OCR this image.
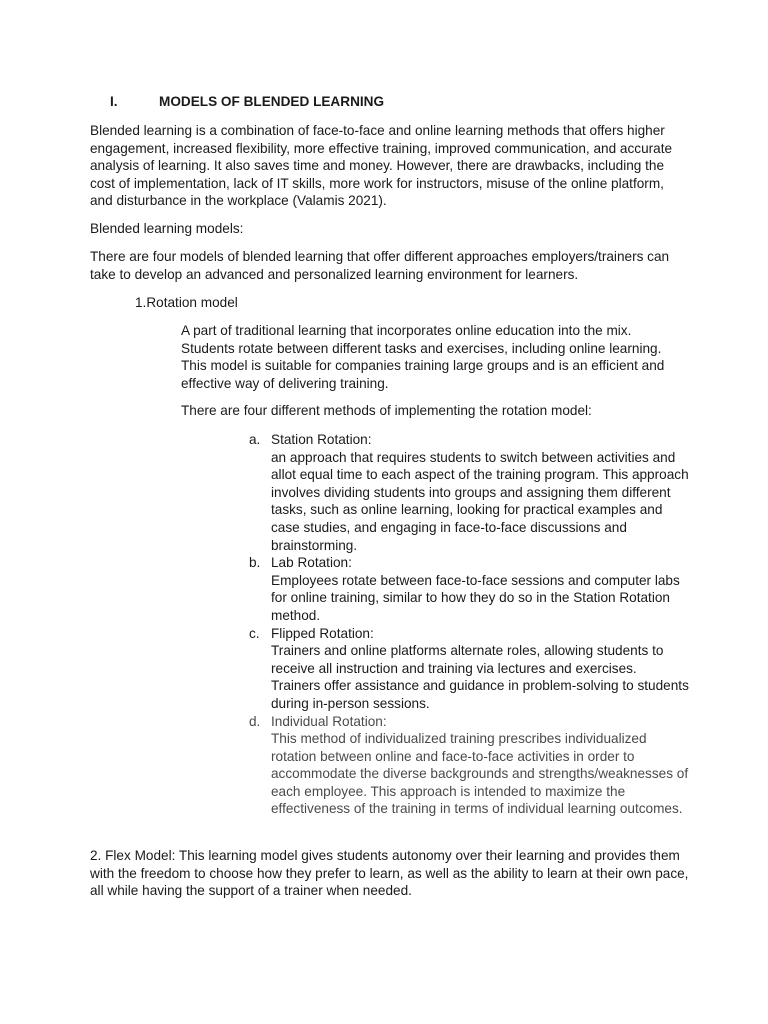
I.	MODELS OF BLENDED LEARNING

Blended learning is a combination of face-to-face and online learning methods that offers higher engagement, increased flexibility, more effective training, improved communication, and accurate analysis of learning. It also saves time and money. However, there are drawbacks, including the cost of implementation, lack of IT skills, more work for instructors, misuse of the online platform, and disturbance in the workplace (Valamis 2021).

Blended learning models:

There are four models of blended learning that offer different approaches employers/trainers can take to develop an advanced and personalized learning environment for learners.

1.Rotation model

A part of traditional learning that incorporates online education into the mix. Students rotate between different tasks and exercises, including online learning. This model is suitable for companies training large groups and is an efficient and effective way of delivering training.

There are four different methods of implementing the rotation model:

a. Station Rotation:
an approach that requires students to switch between activities and allot equal time to each aspect of the training program. This approach involves dividing students into groups and assigning them different tasks, such as online learning, looking for practical examples and case studies, and engaging in face-to-face discussions and brainstorming.
b. Lab Rotation:
Employees rotate between face-to-face sessions and computer labs for online training, similar to how they do so in the Station Rotation method.
c. Flipped Rotation:
Trainers and online platforms alternate roles, allowing students to receive all instruction and training via lectures and exercises. Trainers offer assistance and guidance in problem-solving to students during in-person sessions.
d. Individual Rotation:
This method of individualized training prescribes individualized rotation between online and face-to-face activities in order to accommodate the diverse backgrounds and strengths/weaknesses of each employee. This approach is intended to maximize the effectiveness of the training in terms of individual learning outcomes.

2. Flex Model: This learning model gives students autonomy over their learning and provides them with the freedom to choose how they prefer to learn, as well as the ability to learn at their own pace, all while having the support of a trainer when needed.
